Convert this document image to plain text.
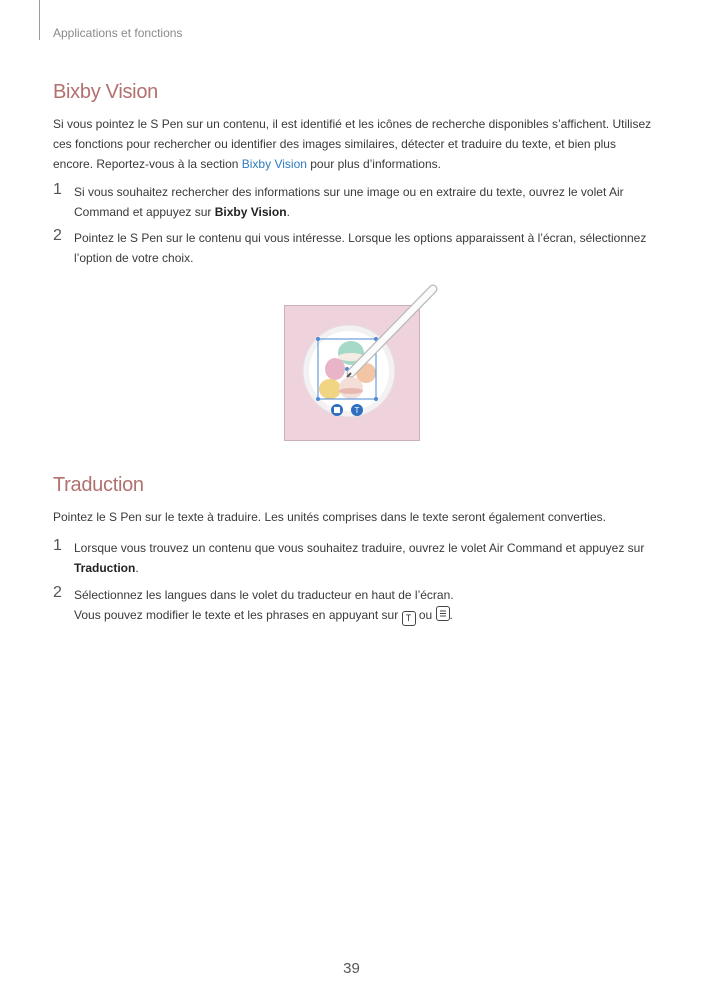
Applications et fonctions
Bixby Vision
Si vous pointez le S Pen sur un contenu, il est identifié et les icônes de recherche disponibles s’affichent. Utilisez ces fonctions pour rechercher ou identifier des images similaires, détecter et traduire du texte, et bien plus encore. Reportez-vous à la section Bixby Vision pour plus d’informations.
1 Si vous souhaitez rechercher des informations sur une image ou en extraire du texte, ouvrez le volet Air Command et appuyez sur Bixby Vision.
2 Pointez le S Pen sur le contenu qui vous intéresse. Lorsque les options apparaissent à l’écran, sélectionnez l’option de votre choix.
T
Traduction
Pointez le S Pen sur le texte à traduire. Les unités comprises dans le texte seront également converties.
1 Lorsque vous trouvez un contenu que vous souhaitez traduire, ouvrez le volet Air Command et appuyez sur Traduction.
2 Sélectionnez les langues dans le volet du traducteur en haut de l’écran.
Vous pouvez modifier le texte et les phrases en appuyant sur T ou
.
39
